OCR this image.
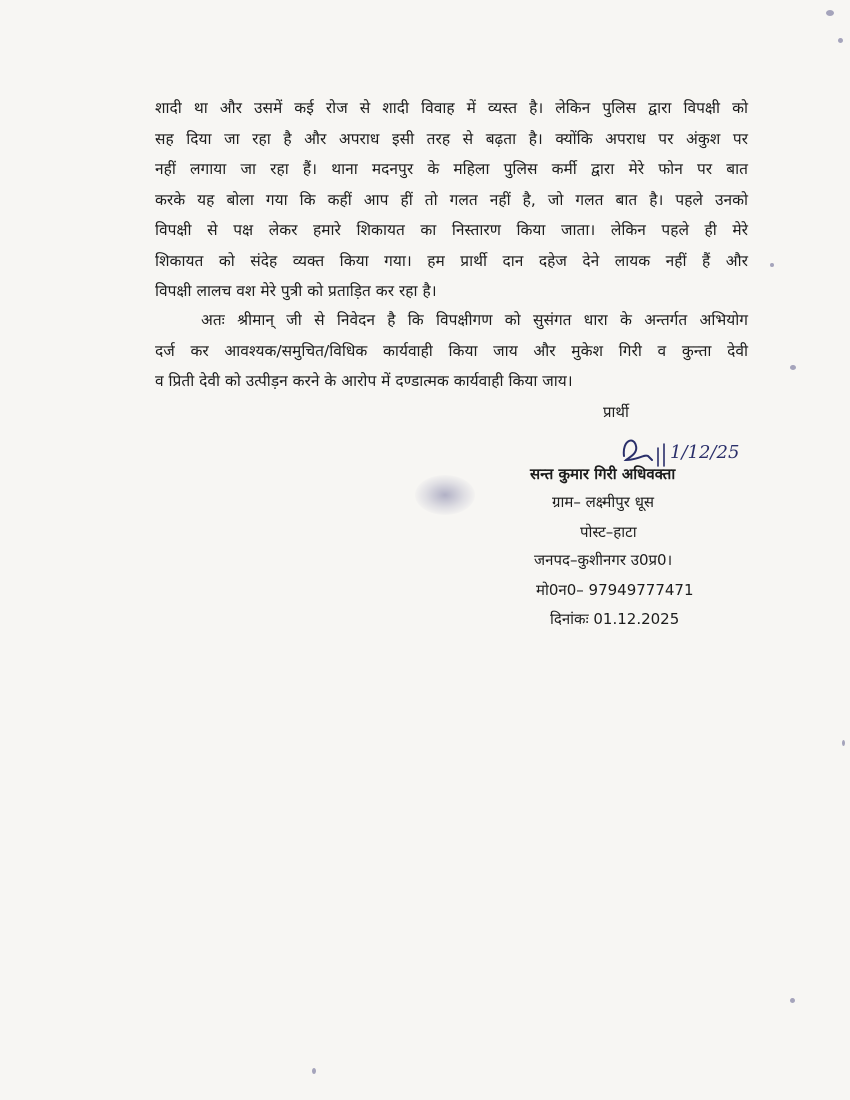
शादी था और उसमें कई रोज से शादी विवाह में व्यस्त है। लेकिन पुलिस द्वारा विपक्षी को
सह दिया जा रहा है और अपराध इसी तरह से बढ़ता है। क्योंकि अपराध पर अंकुश पर
नहीं लगाया जा रहा हैं। थाना मदनपुर के महिला पुलिस कर्मी द्वारा मेरे फोन पर बात
करके यह बोला गया कि कहीं आप हीं तो गलत नहीं है, जो गलत बात है। पहले उनको
विपक्षी से पक्ष लेकर हमारे शिकायत का निस्तारण किया जाता। लेकिन पहले ही मेरे
शिकायत को संदेह व्यक्त किया गया। हम प्रार्थी दान दहेज देने लायक नहीं हैं और
विपक्षी लालच वश मेरे पुत्री को प्रताड़ित कर रहा है।
अतः श्रीमान् जी से निवेदन है कि विपक्षीगण को सुसंगत धारा के अन्तर्गत अभियोग
दर्ज कर आवश्यक/समुचित/विधिक कार्यवाही किया जाय और मुकेश गिरी व कुन्ता देवी
व प्रिती देवी को उत्पीड़न करने के आरोप में दण्डात्मक कार्यवाही किया जाय।
प्रार्थी
1/12/25
सन्त कुमार गिरी अधिवक्ता
ग्राम– लक्ष्मीपुर धूस
पोस्ट–हाटा
जनपद–कुशीनगर उ0प्र0।
मो0न0– 97949777471
दिनांकः 01.12.2025
